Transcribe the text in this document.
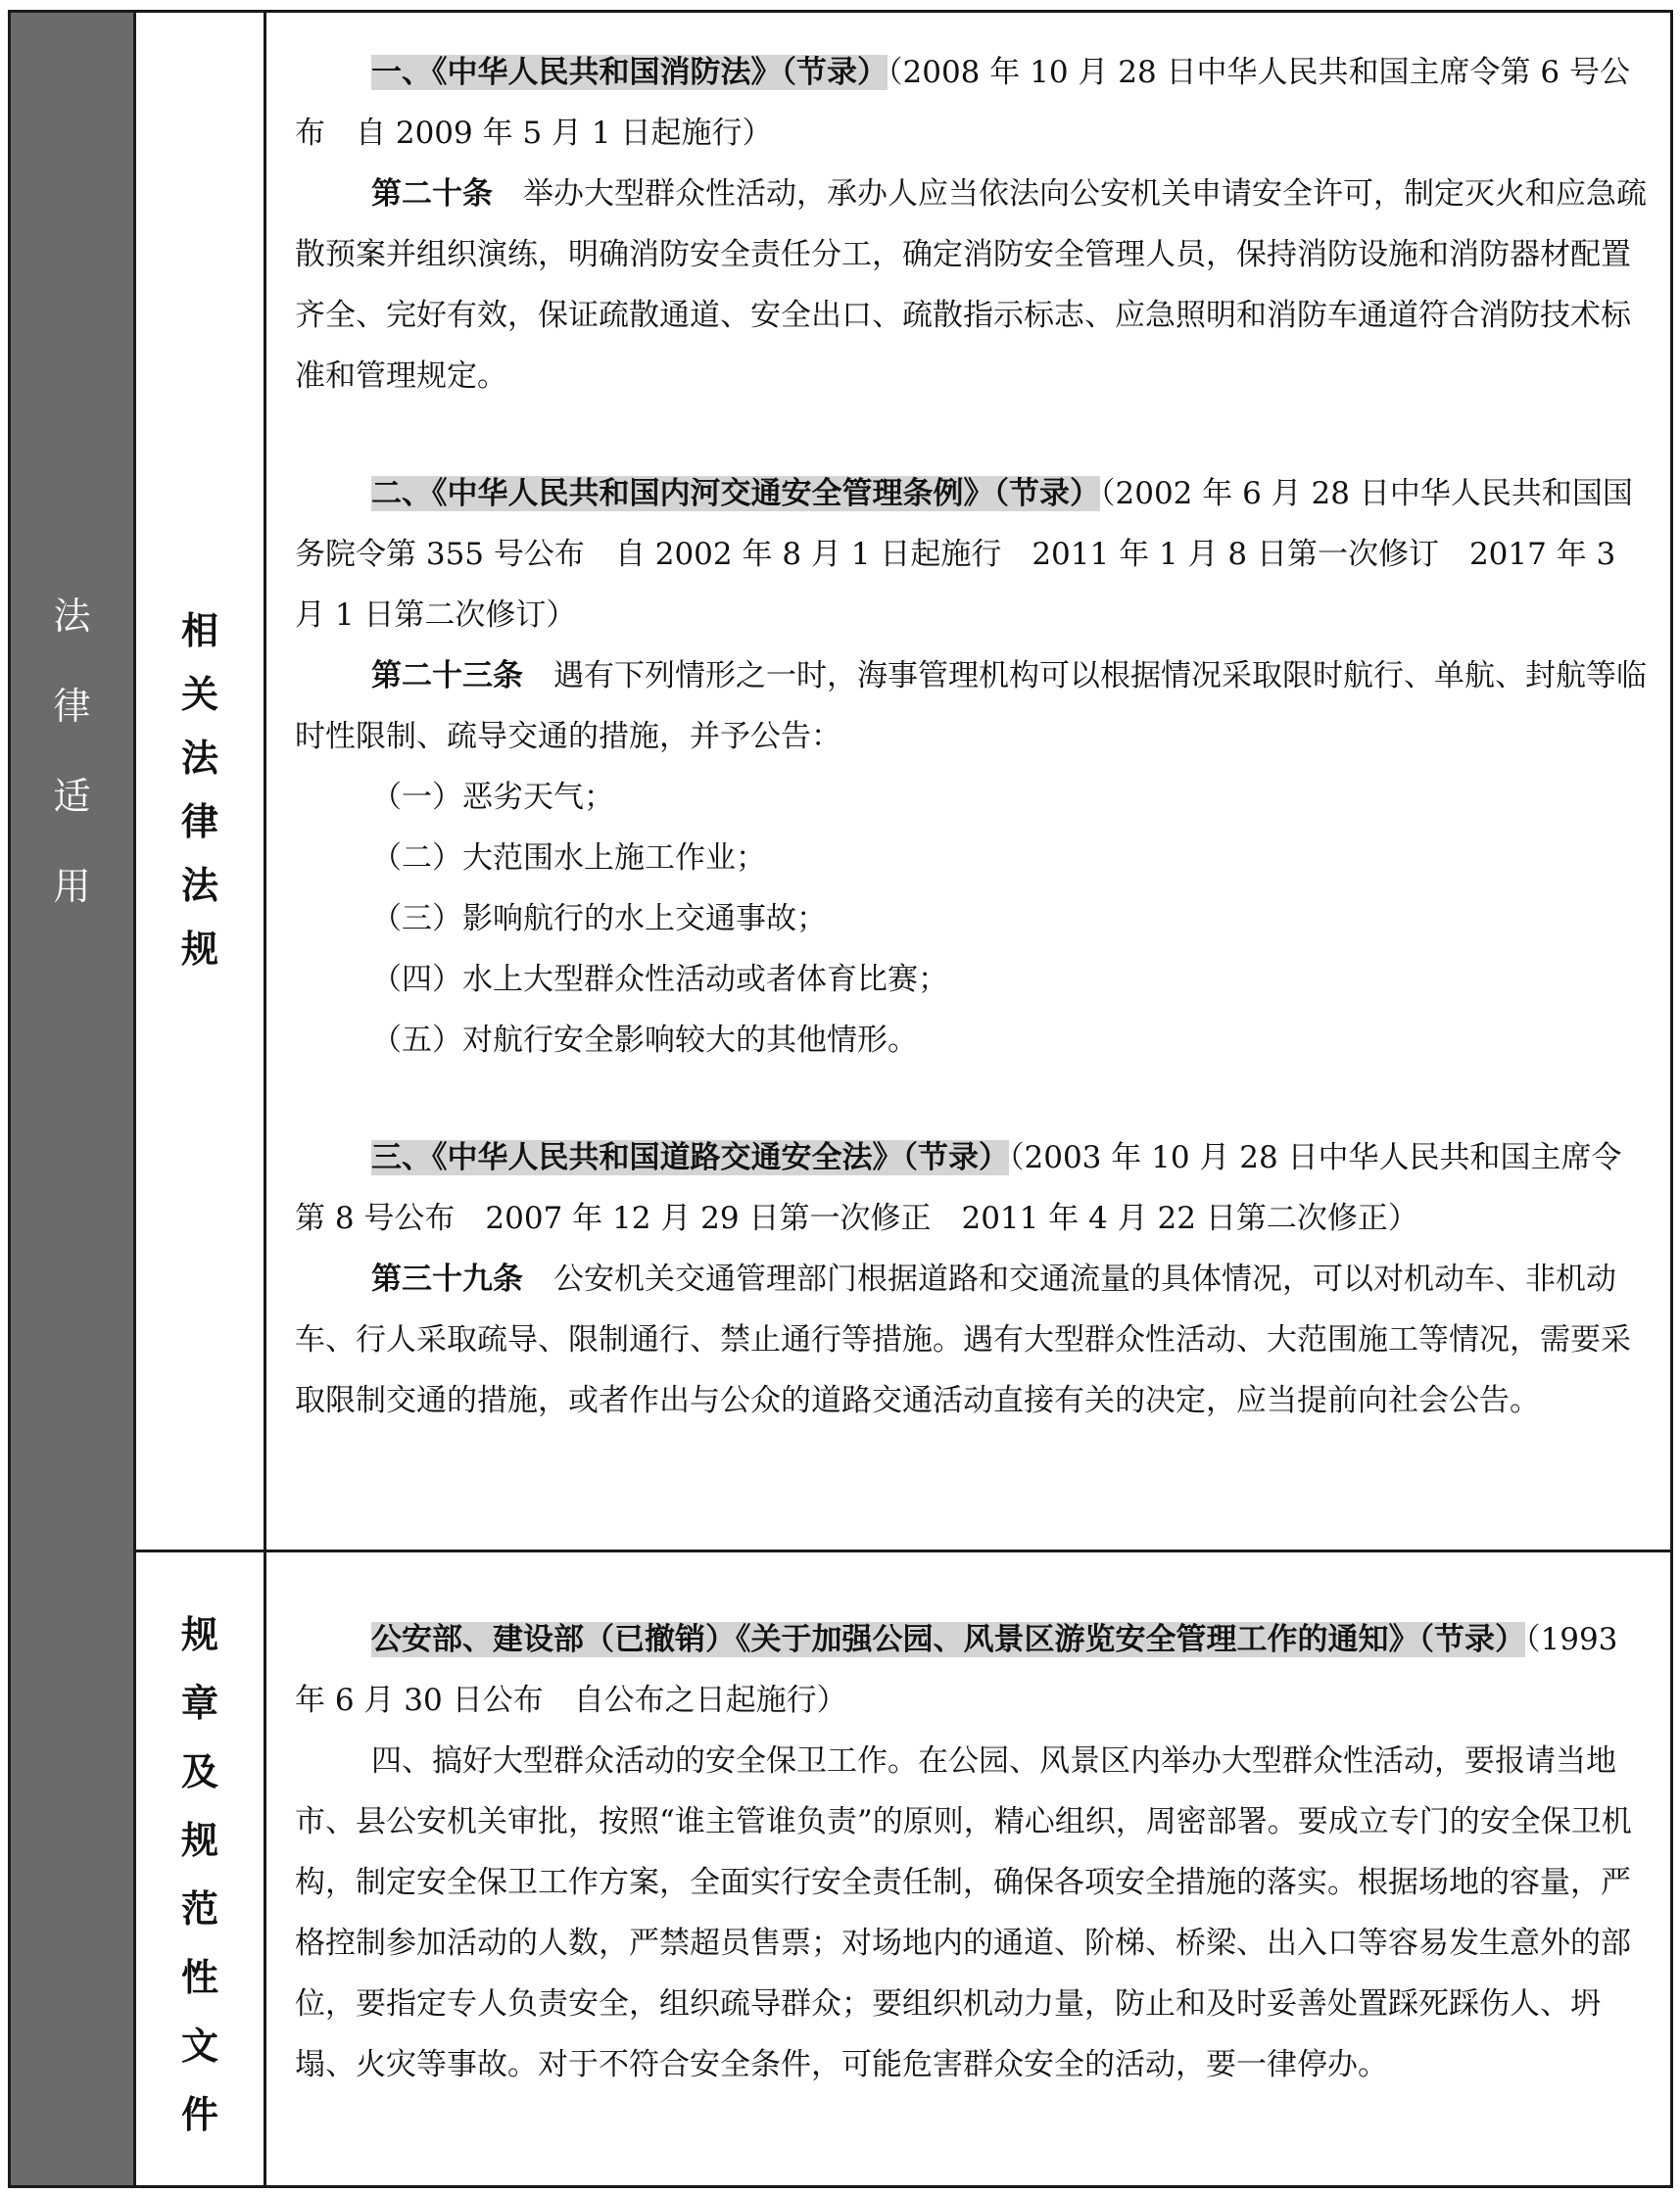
法
律
适
用
相
关
法
律
法
规

一、《中华人民共和国消防法》（节录）（2008 年 10 月 28 日中华人民共和国主席令第 6 号公布　自 2009 年 5 月 1 日起施行）

第二十条　 举办大型群众性活动，承办人应当依法向公安机关申请安全许可，制定灭火和应急疏散预案并组织演练，明确消防安全责任分工，确定消防安全管理人员，保持消防设施和消防器材配置齐全、完好有效，保证疏散通道、安全出口、疏散指示标志、应急照明和消防车通道符合消防技术标准和管理规定。

二、《中华人民共和国内河交通安全管理条例》（节录）（2002 年 6 月 28 日中华人民共和国国务院令第 355 号公布　自 2002 年 8 月 1 日起施行　2011 年 1 月 8 日第一次修订　2017 年 3 月 1 日第二次修订）

第二十三条　 遇有下列情形之一时，海事管理机构可以根据情况采取限时航行、单航、封航等临时性限制、疏导交通的措施，并予公告：

（一）恶劣天气；

（二）大范围水上施工作业；

（三）影响航行的水上交通事故；

（四）水上大型群众性活动或者体育比赛；

（五）对航行安全影响较大的其他情形。

三、《中华人民共和国道路交通安全法》（节录）（2003 年 10 月 28 日中华人民共和国主席令第 8 号公布　2007 年 12 月 29 日第一次修正　2011 年 4 月 22 日第二次修正）

第三十九条　 公安机关交通管理部门根据道路和交通流量的具体情况，可以对机动车、非机动车、行人采取疏导、限制通行、禁止通行等措施。遇有大型群众性活动、大范围施工等情况，需要采取限制交通的措施，或者作出与公众的道路交通活动直接有关的决定，应当提前向社会公告。

规
章
及
规
范
性
文
件

公安部、建设部（已撤销）《关于加强公园、风景区游览安全管理工作的通知》（节录）（1993 年 6 月 30 日公布　自公布之日起施行）

四、搞好大型群众活动的安全保卫工作。在公园、风景区内举办大型群众性活动，要报请当地市、县公安机关审批，按照“谁主管谁负责”的原则，精心组织，周密部署。要成立专门的安全保卫机构，制定安全保卫工作方案，全面实行安全责任制，确保各项安全措施的落实。根据场地的容量，严格控制参加活动的人数，严禁超员售票；对场地内的通道、阶梯、桥梁、出入口等容易发生意外的部位，要指定专人负责安全，组织疏导群众；要组织机动力量，防止和及时妥善处置踩死踩伤人、坍塌、火灾等事故。对于不符合安全条件，可能危害群众安全的活动，要一律停办。
